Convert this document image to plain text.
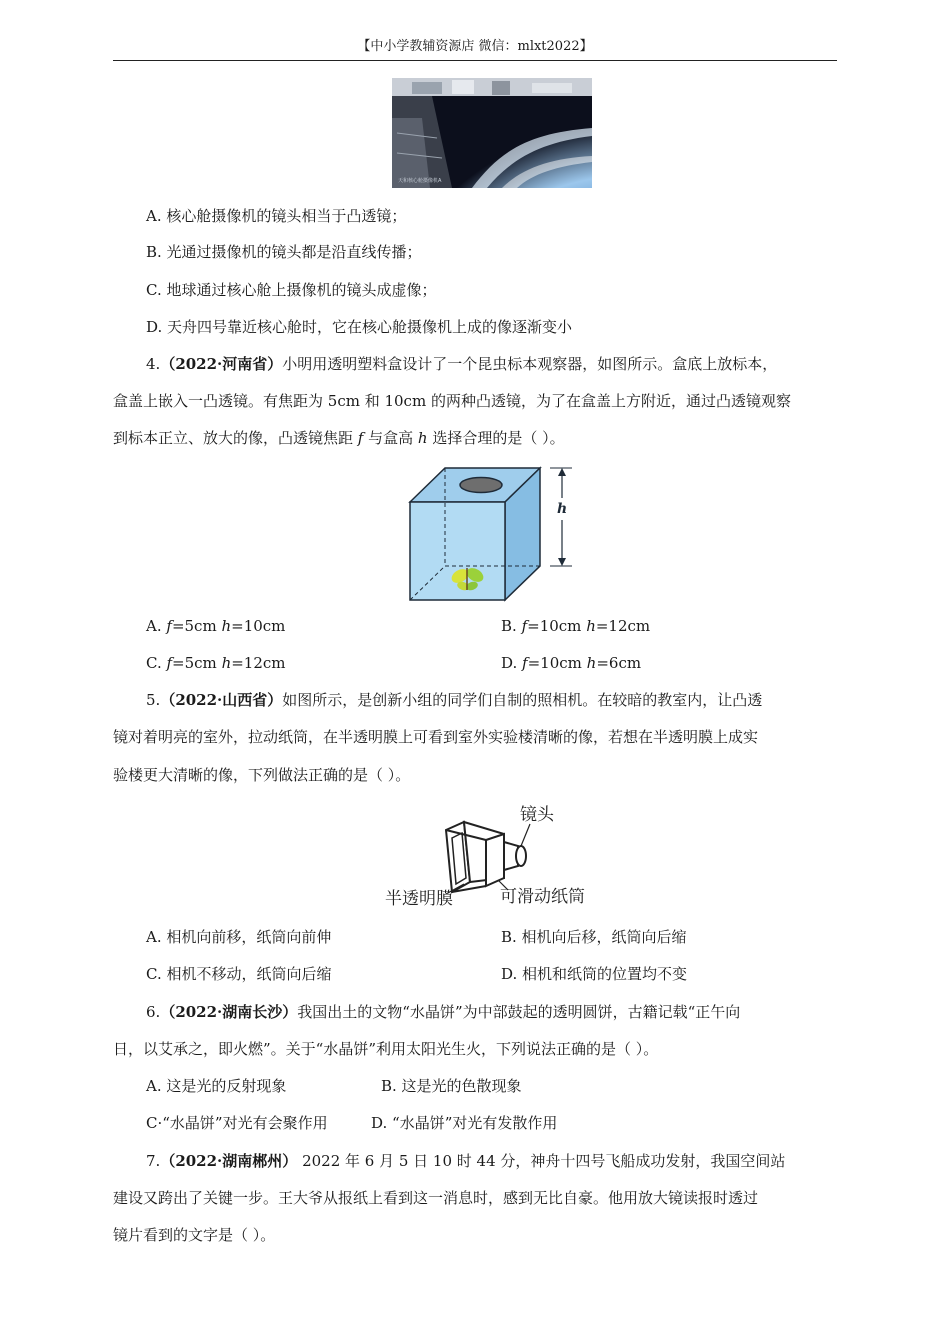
【中小学教辅资源店 微信：mlxt2022】
天和核心舱摄像机A
A. 核心舱摄像机的镜头相当于凸透镜；
B. 光通过摄像机的镜头都是沿直线传播；
C. 地球通过核心舱上摄像机的镜头成虚像；
D. 天舟四号靠近核心舱时，它在核心舱摄像机上成的像逐渐变小
4.（2022·河南省）小明用透明塑料盒设计了一个昆虫标本观察器，如图所示。盒底上放标本，
盒盖上嵌入一凸透镜。有焦距为 5cm 和 10cm 的两种凸透镜，为了在盒盖上方附近，通过凸透镜观察
到标本正立、放大的像，凸透镜焦距 f 与盒高 h 选择合理的是（ ）。
h
A. f=5cm h=10cm	B. f=10cm h=12cm
C. f=5cm h=12cm	D. f=10cm h=6cm
5.（2022·山西省）如图所示，是创新小组的同学们自制的照相机。在较暗的教室内，让凸透
镜对着明亮的室外，拉动纸筒，在半透明膜上可看到室外实验楼清晰的像，若想在半透明膜上成实
验楼更大清晰的像，下列做法正确的是（ ）。
镜头
半透明膜	可滑动纸筒
A. 相机向前移，纸筒向前伸	B. 相机向后移，纸筒向后缩
C. 相机不移动，纸筒向后缩	D. 相机和纸筒的位置均不变
6.（2022·湖南长沙）我国出土的文物“水晶饼”为中部鼓起的透明圆饼，古籍记载“正午向
日，以艾承之，即火燃”。关于“水晶饼”利用太阳光生火，下列说法正确的是（ ）。
A. 这是光的反射现象	B. 这是光的色散现象
C·“水晶饼”对光有会聚作用	D. “水晶饼”对光有发散作用
7.（2022·湖南郴州） 2022 年 6 月 5 日 10 时 44 分，神舟十四号飞船成功发射，我国空间站
建设又跨出了关键一步。王大爷从报纸上看到这一消息时，感到无比自豪。他用放大镜读报时透过
镜片看到的文字是（ ）。
